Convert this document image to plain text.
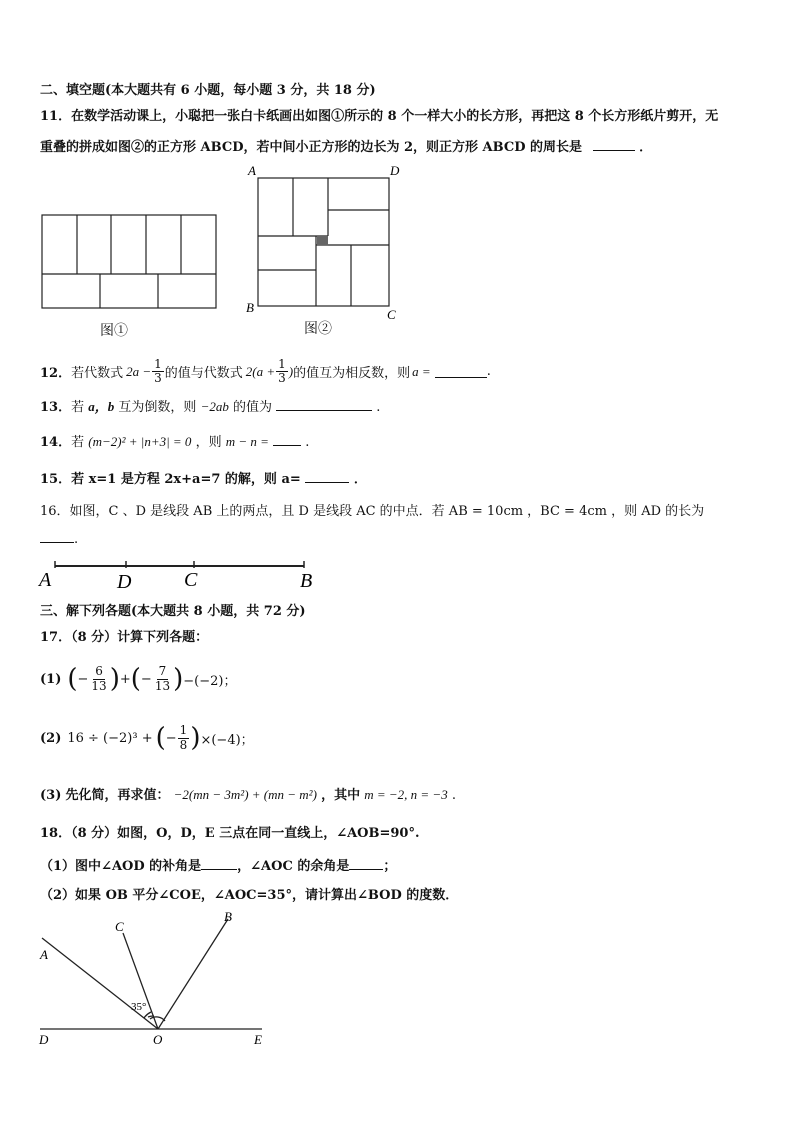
二、填空题(本大题共有 6 小题，每小题 3 分，共 18 分)
11．在数学活动课上，小聪把一张白卡纸画出如图①所示的 8 个一样大小的长方形，再把这 8 个长方形纸片剪开，无
重叠的拼成如图②的正方形 ABCD，若中间小正方形的边长为 2，则正方形 ABCD 的周长是	．
图①
A	D
B	C
图②
12． 若代数式 $2a - \frac{1}{3}$ 的值与代数式 $2(a + \frac{1}{3}$ ) 的值互为相反数，则 a =	.
13．若 a，b 互为倒数，则 −2ab 的值为	.
14．若 (m−2)² + |n+3| = 0 ，则 m − n =	.
15．若 x=1 是方程 2x+a=7 的解，则 a=	．
16．如图，C 、D 是线段 AB 上的两点，且 D 是线段 AC 的中点．若 AB = 10cm ，BC = 4cm ，则 AD 的长为
.
A	D	C	B
三、解下列各题(本大题共 8 小题，共 72 分)
17．（8 分）计算下列各题：
(1) ( − $\frac{6}{13}$ ) + ( − $\frac{7}{13}$ ) −(−2)；
(2) 16 ÷ (−2)³ + ( − $\frac{1}{8}$ ) ×(−4)；
(3) 先化简，再求值： −2(mn − 3m²) + (mn − m²) ，其中 m = −2, n = −3 .
18．（8 分）如图，O，D，E 三点在同一直线上，∠AOB=90°.
（1）图中∠AOD 的补角是	，∠AOC 的余角是	；
（2）如果 OB 平分∠COE，∠AOC=35°，请计算出∠BOD 的度数．
A
C
B
D	O	E
35°
